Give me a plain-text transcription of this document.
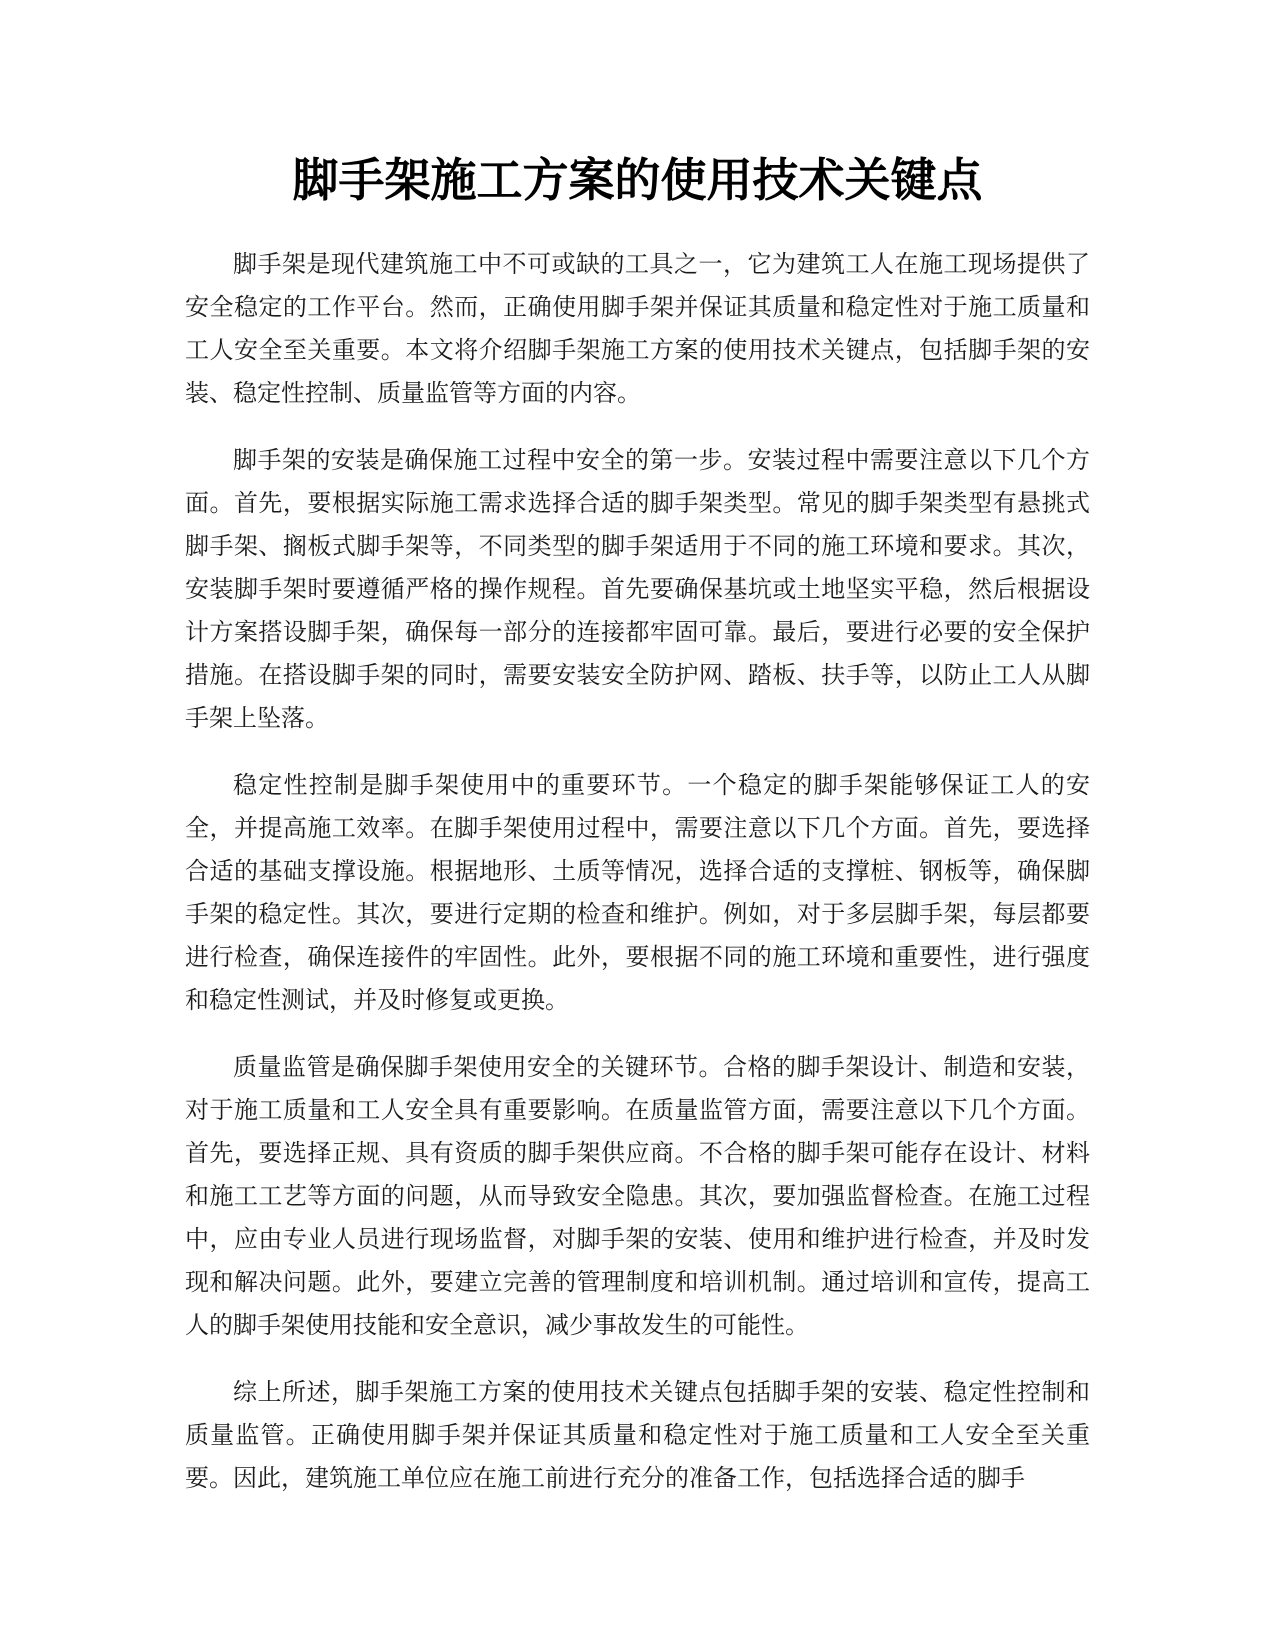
脚手架施工方案的使用技术关键点

脚手架是现代建筑施工中不可或缺的工具之一，它为建筑工人在施工现场提供了安全稳定的工作平台。然而，正确使用脚手架并保证其质量和稳定性对于施工质量和工人安全至关重要。本文将介绍脚手架施工方案的使用技术关键点，包括脚手架的安装、稳定性控制、质量监管等方面的内容。

脚手架的安装是确保施工过程中安全的第一步。安装过程中需要注意以下几个方面。首先，要根据实际施工需求选择合适的脚手架类型。常见的脚手架类型有悬挑式脚手架、搁板式脚手架等，不同类型的脚手架适用于不同的施工环境和要求。其次，安装脚手架时要遵循严格的操作规程。首先要确保基坑或土地坚实平稳，然后根据设计方案搭设脚手架，确保每一部分的连接都牢固可靠。最后，要进行必要的安全保护措施。在搭设脚手架的同时，需要安装安全防护网、踏板、扶手等，以防止工人从脚手架上坠落。

稳定性控制是脚手架使用中的重要环节。一个稳定的脚手架能够保证工人的安全，并提高施工效率。在脚手架使用过程中，需要注意以下几个方面。首先，要选择合适的基础支撑设施。根据地形、土质等情况，选择合适的支撑桩、钢板等，确保脚手架的稳定性。其次，要进行定期的检查和维护。例如，对于多层脚手架，每层都要进行检查，确保连接件的牢固性。此外，要根据不同的施工环境和重要性，进行强度和稳定性测试，并及时修复或更换。

质量监管是确保脚手架使用安全的关键环节。合格的脚手架设计、制造和安装，对于施工质量和工人安全具有重要影响。在质量监管方面，需要注意以下几个方面。首先，要选择正规、具有资质的脚手架供应商。不合格的脚手架可能存在设计、材料和施工工艺等方面的问题，从而导致安全隐患。其次，要加强监督检查。在施工过程中，应由专业人员进行现场监督，对脚手架的安装、使用和维护进行检查，并及时发现和解决问题。此外，要建立完善的管理制度和培训机制。通过培训和宣传，提高工人的脚手架使用技能和安全意识，减少事故发生的可能性。

综上所述，脚手架施工方案的使用技术关键点包括脚手架的安装、稳定性控制和质量监管。正确使用脚手架并保证其质量和稳定性对于施工质量和工人安全至关重要。因此，建筑施工单位应在施工前进行充分的准备工作，包括选择合适的脚手
